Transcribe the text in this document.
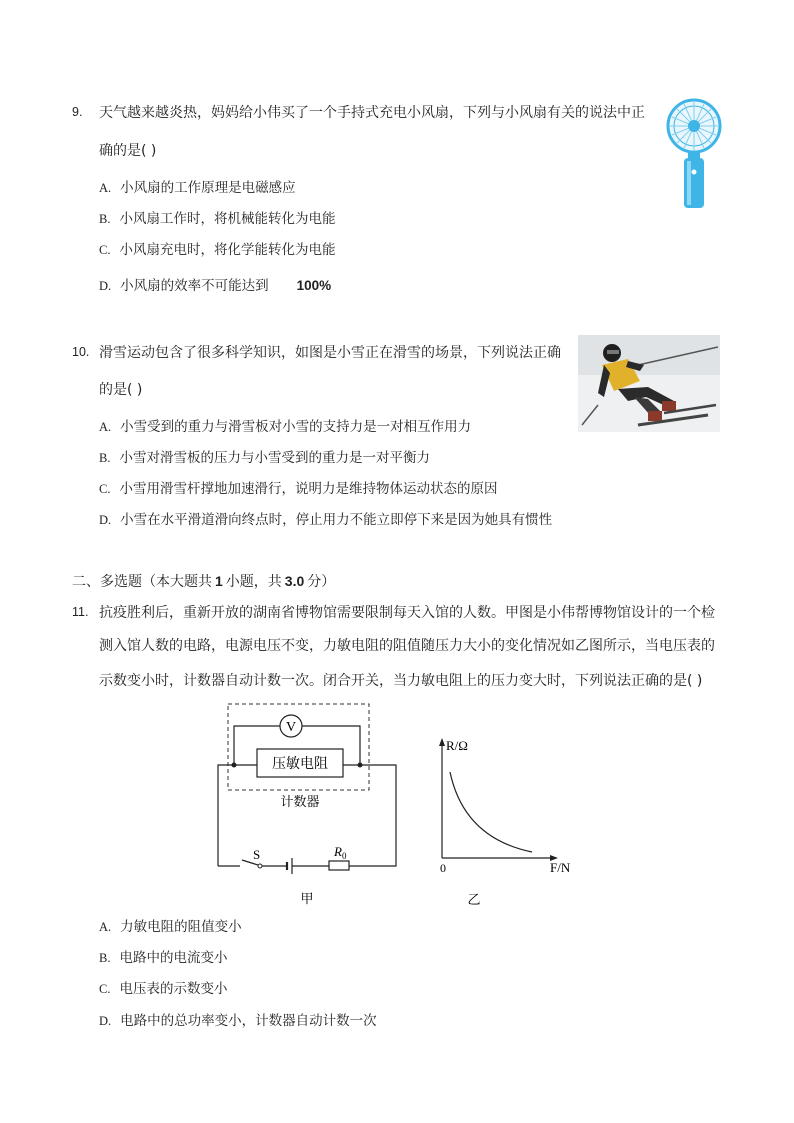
9. 天气越来越炎热，妈妈给小伟买了一个手持式充电小风扇，下列与小风扇有关的说法中正
确的是( )
A. 小风扇的工作原理是电磁感应
B. 小风扇工作时，将机械能转化为电能
C. 小风扇充电时，将化学能转化为电能
D. 小风扇的效率不可能达到 100%
10. 滑雪运动包含了很多科学知识，如图是小雪正在滑雪的场景，下列说法正确
的是( )
A. 小雪受到的重力与滑雪板对小雪的支持力是一对相互作用力
B. 小雪对滑雪板的压力与小雪受到的重力是一对平衡力
C. 小雪用滑雪杆撑地加速滑行，说明力是维持物体运动状态的原因
D. 小雪在水平滑道滑向终点时，停止用力不能立即停下来是因为她具有惯性
二、多选题（本大题共 1 小题，共 3.0 分）
11. 抗疫胜利后，重新开放的湖南省博物馆需要限制每天入馆的人数。甲图是小伟帮博物馆设计的一个检
测入馆人数的电路，电源电压不变，力敏电阻的阻值随压力大小的变化情况如乙图所示，当电压表的
示数变小时，计数器自动计数一次。闭合开关，当力敏电阻上的压力变大时，下列说法正确的是( )
V
压敏电阻
计数器
$R_0$
S
甲
R/Ω
F/N
0
乙
A. 力敏电阻的阻值变小
B. 电路中的电流变小
C. 电压表的示数变小
D. 电路中的总功率变小，计数器自动计数一次
